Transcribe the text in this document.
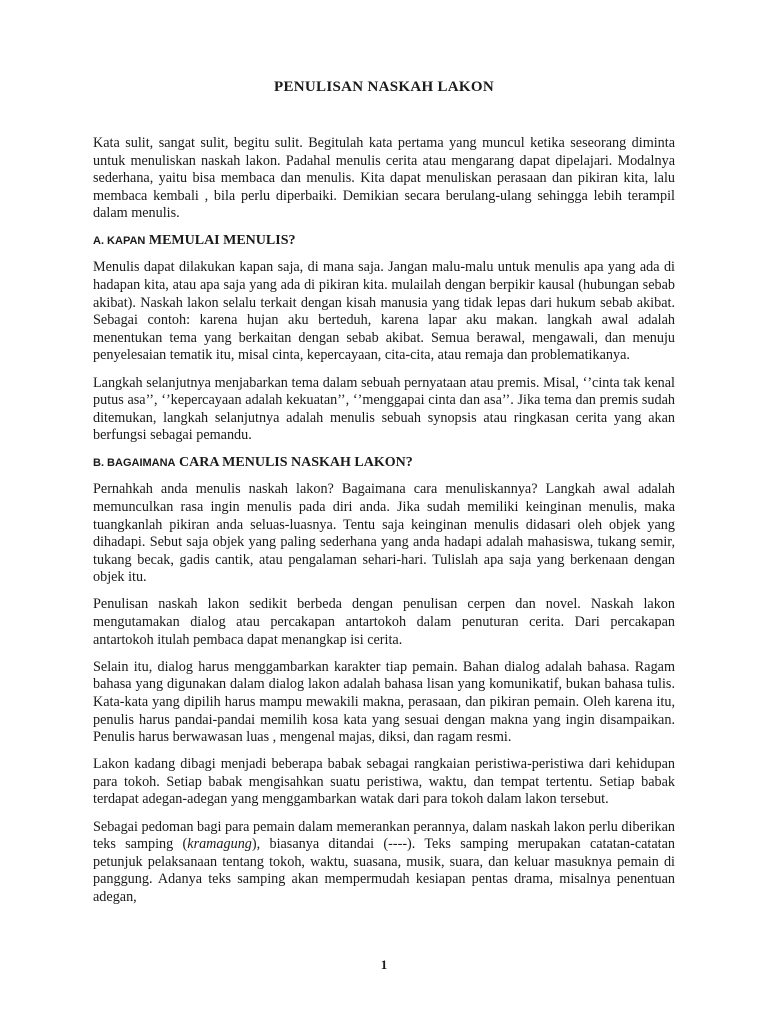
PENULISAN NASKAH LAKON

Kata sulit, sangat sulit, begitu sulit. Begitulah kata pertama yang muncul ketika seseorang diminta untuk menuliskan naskah lakon. Padahal menulis cerita atau mengarang dapat dipelajari. Modalnya sederhana, yaitu bisa membaca dan menulis. Kita dapat menuliskan perasaan dan pikiran kita, lalu membaca kembali , bila perlu diperbaiki. Demikian secara berulang-ulang sehingga lebih terampil dalam menulis.

A. KAPAN MEMULAI MENULIS?

Menulis dapat dilakukan kapan saja, di mana saja. Jangan malu-malu untuk menulis apa yang ada di hadapan kita, atau apa saja yang ada di pikiran kita. mulailah dengan berpikir kausal (hubungan sebab akibat). Naskah lakon selalu terkait dengan kisah manusia yang tidak lepas dari hukum sebab akibat. Sebagai contoh: karena hujan aku berteduh, karena lapar aku makan. langkah awal adalah menentukan tema yang berkaitan dengan sebab akibat. Semua berawal, mengawali, dan menuju penyelesaian tematik itu, misal cinta, kepercayaan, cita-cita, atau remaja dan problematikanya.

Langkah selanjutnya menjabarkan tema dalam sebuah pernyataan atau premis. Misal, ‘’cinta tak kenal putus asa’’, ‘’kepercayaan adalah kekuatan’’, ‘’menggapai cinta dan asa’’. Jika tema dan premis sudah ditemukan, langkah selanjutnya adalah menulis sebuah synopsis atau ringkasan cerita yang akan berfungsi sebagai pemandu.

B. BAGAIMANA CARA MENULIS NASKAH LAKON?

Pernahkah anda menulis naskah lakon? Bagaimana cara menuliskannya? Langkah awal adalah memunculkan rasa ingin menulis pada diri anda. Jika sudah memiliki keinginan menulis, maka tuangkanlah pikiran anda seluas-luasnya. Tentu saja keinginan menulis didasari oleh objek yang dihadapi. Sebut saja objek yang paling sederhana yang anda hadapi adalah mahasiswa, tukang semir, tukang becak, gadis cantik, atau pengalaman sehari-hari. Tulislah apa saja yang berkenaan dengan objek itu.

Penulisan naskah lakon sedikit berbeda dengan penulisan cerpen dan novel. Naskah lakon mengutamakan dialog atau percakapan antartokoh dalam penuturan cerita. Dari percakapan antartokoh itulah pembaca dapat menangkap isi cerita.

Selain itu, dialog harus menggambarkan karakter tiap pemain. Bahan dialog adalah bahasa. Ragam bahasa yang digunakan dalam dialog lakon adalah bahasa lisan yang komunikatif, bukan bahasa tulis. Kata-kata yang dipilih harus mampu mewakili makna, perasaan, dan pikiran pemain. Oleh karena itu, penulis harus pandai-pandai memilih kosa kata yang sesuai dengan makna yang ingin disampaikan. Penulis harus berwawasan luas , mengenal majas, diksi, dan ragam resmi.

Lakon kadang dibagi menjadi beberapa babak sebagai rangkaian peristiwa-peristiwa dari kehidupan para tokoh. Setiap babak mengisahkan suatu peristiwa, waktu, dan tempat tertentu. Setiap babak terdapat adegan-adegan yang menggambarkan watak dari para tokoh dalam lakon tersebut.

Sebagai pedoman bagi para pemain dalam memerankan perannya, dalam naskah lakon perlu diberikan teks samping (kramagung), biasanya ditandai (----). Teks samping merupakan catatan-catatan petunjuk pelaksanaan tentang tokoh, waktu, suasana, musik, suara, dan keluar masuknya pemain di panggung. Adanya teks samping akan mempermudah kesiapan pentas drama, misalnya penentuan adegan,

1
